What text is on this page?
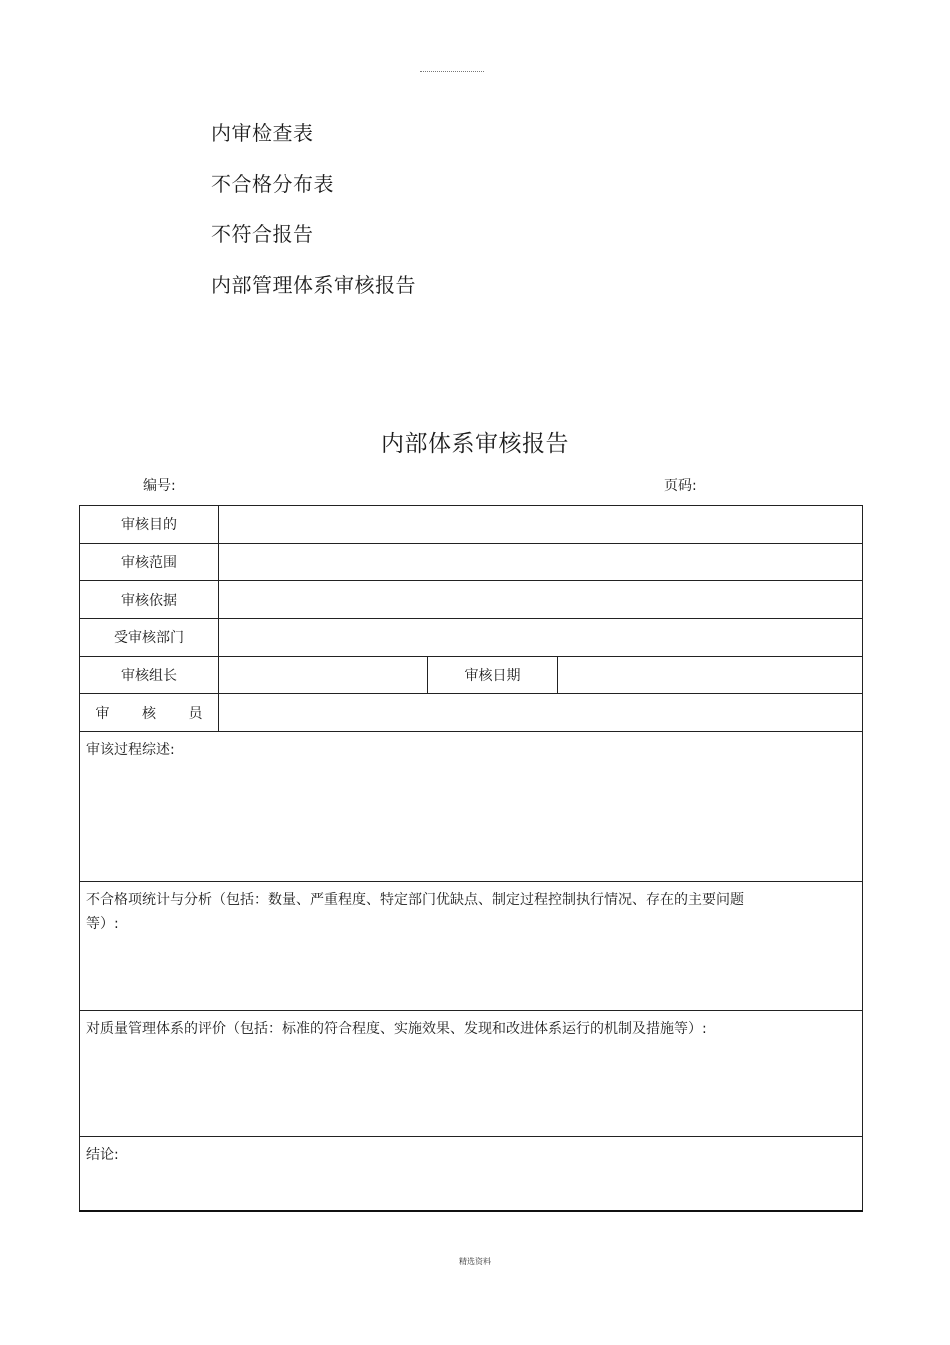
内审检查表
不合格分布表
不符合报告
内部管理体系审核报告
内部体系审核报告
编号:	页码:
审核目的			
审核范围			
审核依据			
受审核部门			
审核组长		审核日期	
审 核 员			
审该过程综述:			
不合格项统计与分析（包括：数量、严重程度、特定部门优缺点、制定过程控制执行情况、存在的主要问题等）:			
对质量管理体系的评价（包括：标准的符合程度、实施效果、发现和改进体系运行的机制及措施等）:			
结论:			
精选资料
